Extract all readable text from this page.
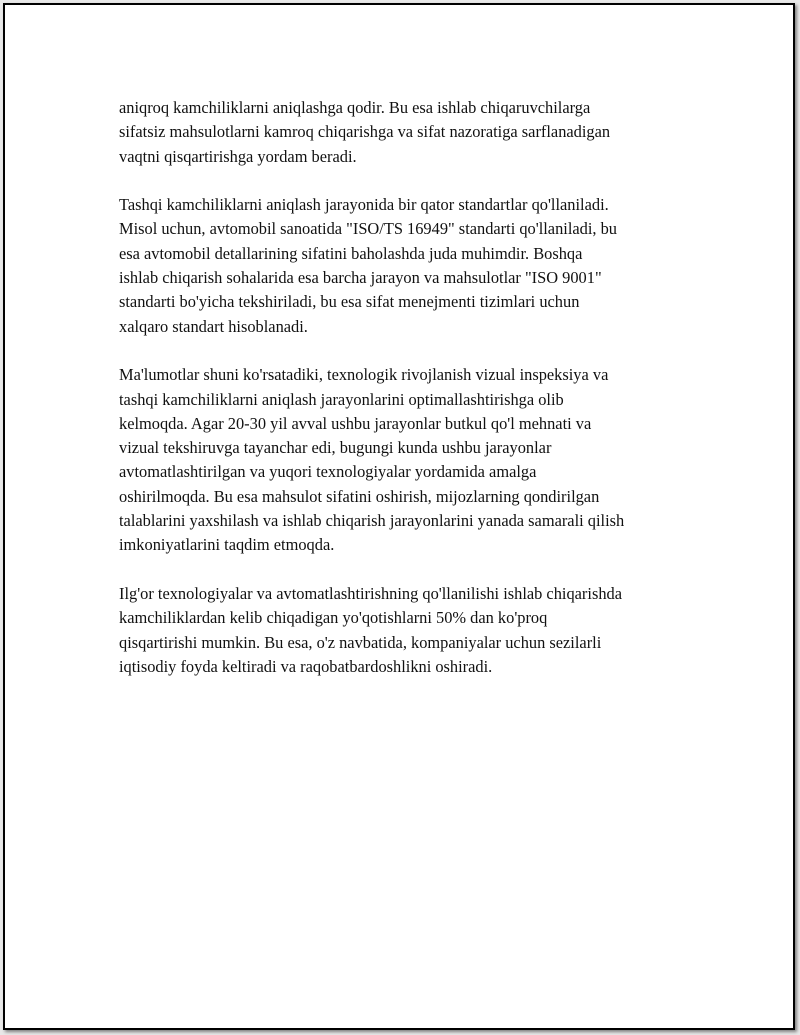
aniqroq kamchiliklarni aniqlashga qodir. Bu esa ishlab chiqaruvchilarga
sifatsiz mahsulotlarni kamroq chiqarishga va sifat nazoratiga sarflanadigan
vaqtni qisqartirishga yordam beradi.

Tashqi kamchiliklarni aniqlash jarayonida bir qator standartlar qo'llaniladi.
Misol uchun, avtomobil sanoatida "ISO/TS 16949" standarti qo'llaniladi, bu
esa avtomobil detallarining sifatini baholashda juda muhimdir. Boshqa
ishlab chiqarish sohalarida esa barcha jarayon va mahsulotlar "ISO 9001"
standarti bo'yicha tekshiriladi, bu esa sifat menejmenti tizimlari uchun
xalqaro standart hisoblanadi.

Ma'lumotlar shuni ko'rsatadiki, texnologik rivojlanish vizual inspeksiya va
tashqi kamchiliklarni aniqlash jarayonlarini optimallashtirishga olib
kelmoqda. Agar 20-30 yil avval ushbu jarayonlar butkul qo'l mehnati va
vizual tekshiruvga tayanchar edi, bugungi kunda ushbu jarayonlar
avtomatlashtirilgan va yuqori texnologiyalar yordamida amalga
oshirilmoqda. Bu esa mahsulot sifatini oshirish, mijozlarning qondirilgan
talablarini yaxshilash va ishlab chiqarish jarayonlarini yanada samarali qilish
imkoniyatlarini taqdim etmoqda.

Ilg'or texnologiyalar va avtomatlashtirishning qo'llanilishi ishlab chiqarishda
kamchiliklardan kelib chiqadigan yo'qotishlarni 50% dan ko'proq
qisqartirishi mumkin. Bu esa, o'z navbatida, kompaniyalar uchun sezilarli
iqtisodiy foyda keltiradi va raqobatbardoshlikni oshiradi.
